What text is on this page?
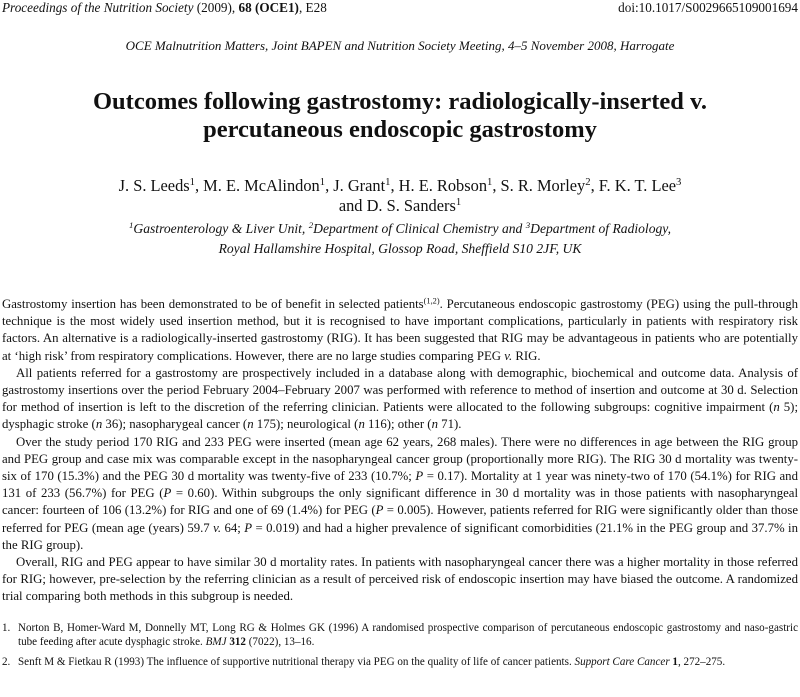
Proceedings of the Nutrition Society (2009), 68 (OCE1), E28	doi:10.1017/S0029665109001694
OCE Malnutrition Matters, Joint BAPEN and Nutrition Society Meeting, 4–5 November 2008, Harrogate
Outcomes following gastrostomy: radiologically-inserted v.
percutaneous endoscopic gastrostomy
J. S. Leeds$^1$, M. E. McAlindon$^1$, J. Grant$^1$, H. E. Robson$^1$, S. R. Morley$^2$, F. K. T. Lee$^3$
and D. S. Sanders$^1$
$^1$Gastroenterology & Liver Unit, $^2$Department of Clinical Chemistry and $^3$Department of Radiology,
Royal Hallamshire Hospital, Glossop Road, Sheffield S10 2JF, UK

Gastrostomy insertion has been demonstrated to be of benefit in selected patients$^{(1,2)}$. Percutaneous endoscopic gastrostomy (PEG) using the pull-through technique is the most widely used insertion method, but it is recognised to have important complications, particularly in patients with respiratory risk factors. An alternative is a radiologically-inserted gastrostomy (RIG). It has been suggested that RIG may be advantageous in patients who are potentially at ‘high risk’ from respiratory complications. However, there are no large studies comparing PEG v. RIG.

All patients referred for a gastrostomy are prospectively included in a database along with demographic, biochemical and outcome data. Analysis of gastrostomy insertions over the period February 2004–February 2007 was performed with reference to method of insertion and outcome at 30 d. Selection for method of insertion is left to the discretion of the referring clinician. Patients were allocated to the following subgroups: cognitive impairment (n 5); dysphagic stroke (n 36); nasopharygeal cancer (n 175); neurological (n 116); other (n 71).

Over the study period 170 RIG and 233 PEG were inserted (mean age 62 years, 268 males). There were no differences in age between the RIG group and PEG group and case mix was comparable except in the nasopharyngeal cancer group (proportionally more RIG). The RIG 30 d mortality was twenty-six of 170 (15.3%) and the PEG 30 d mortality was twenty-five of 233 (10.7%; P = 0.17). Mortality at 1 year was ninety-two of 170 (54.1%) for RIG and 131 of 233 (56.7%) for PEG (P = 0.60). Within subgroups the only significant difference in 30 d mortality was in those patients with nasopharyngeal cancer: fourteen of 106 (13.2%) for RIG and one of 69 (1.4%) for PEG (P = 0.005). However, patients referred for RIG were significantly older than those referred for PEG (mean age (years) 59.7 v. 64; P = 0.019) and had a higher prevalence of significant comorbidities (21.1% in the PEG group and 37.7% in the RIG group).

Overall, RIG and PEG appear to have similar 30 d mortality rates. In patients with nasopharyngeal cancer there was a higher mortality in those referred for RIG; however, pre-selection by the referring clinician as a result of perceived risk of endoscopic insertion may have biased the outcome. A randomized trial comparing both methods in this subgroup is needed.

1. Norton B, Homer-Ward M, Donnelly MT, Long RG & Holmes GK (1996) A randomised prospective comparison of percutaneous endoscopic gastrostomy and naso-gastric tube feeding after acute dysphagic stroke. BMJ 312 (7022), 13–16.
2. Senft M & Fietkau R (1993) The influence of supportive nutritional therapy via PEG on the quality of life of cancer patients. Support Care Cancer 1, 272–275.
